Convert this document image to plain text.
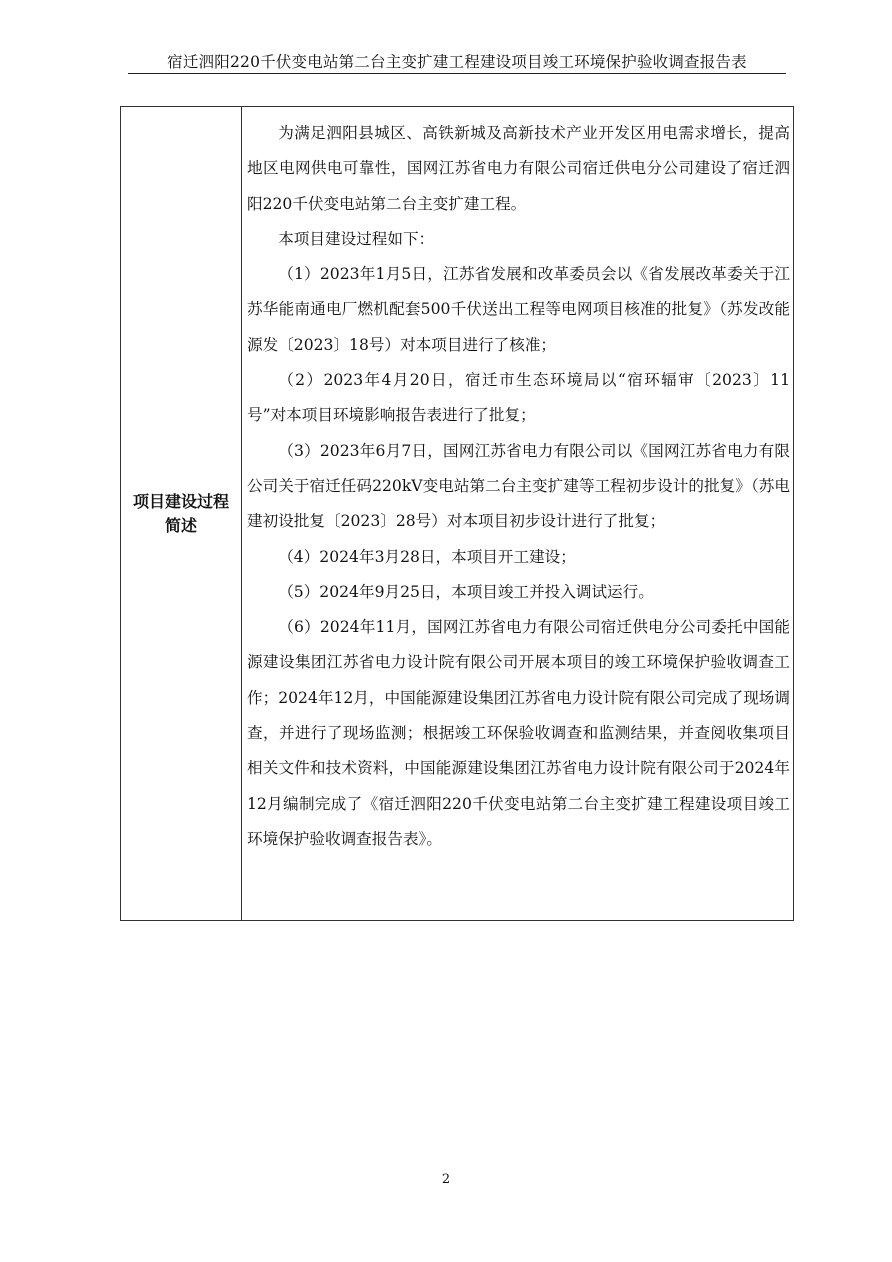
宿迁泗阳220千伏变电站第二台主变扩建工程建设项目竣工环境保护验收调查报告表
项目建设过程
简述	

为满足泗阳县城区、高铁新城及高新技术产业开发区用电需求增长，提高地区电网供电可靠性，国网江苏省电力有限公司宿迁供电分公司建设了宿迁泗阳220千伏变电站第二台主变扩建工程。

本项目建设过程如下：

（1）2023年1月5日，江苏省发展和改革委员会以《省发展改革委关于江苏华能南通电厂燃机配套500千伏送出工程等电网项目核准的批复》（苏发改能源发〔2023〕18号）对本项目进行了核准；

（2）2023年4月20日，宿迁市生态环境局以“宿环辐审〔2023〕11号”对本项目环境影响报告表进行了批复；

（3）2023年6月7日，国网江苏省电力有限公司以《国网江苏省电力有限公司关于宿迁任码220kV变电站第二台主变扩建等工程初步设计的批复》（苏电建初设批复〔2023〕28号）对本项目初步设计进行了批复；

（4）2024年3月28日，本项目开工建设；

（5）2024年9月25日，本项目竣工并投入调试运行。

（6）2024年11月，国网江苏省电力有限公司宿迁供电分公司委托中国能源建设集团江苏省电力设计院有限公司开展本项目的竣工环境保护验收调查工作；2024年12月，中国能源建设集团江苏省电力设计院有限公司完成了现场调查，并进行了现场监测；根据竣工环保验收调查和监测结果，并查阅收集项目相关文件和技术资料，中国能源建设集团江苏省电力设计院有限公司于2024年12月编制完成了《宿迁泗阳220千伏变电站第二台主变扩建工程建设项目竣工环境保护验收调查报告表》。

2
